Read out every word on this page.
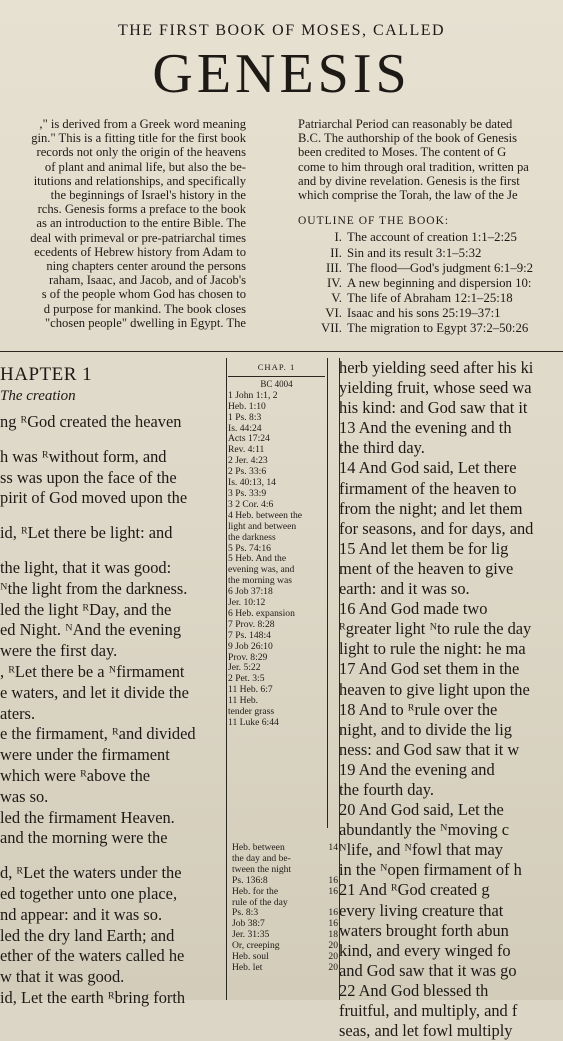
THE FIRST BOOK OF MOSES, CALLED
GENESIS
," is derived from a Greek word meaning
gin." This is a fitting title for the first book
records not only the origin of the heavens
of plant and animal life, but also the be-
itutions and relationships, and specifically
the beginnings of Israel's history in the
rchs. Genesis forms a preface to the book
as an introduction to the entire Bible. The
deal with primeval or pre-patriarchal times
ecedents of Hebrew history from Adam to
ning chapters center around the persons
raham, Isaac, and Jacob, and of Jacob's
s of the people whom God has chosen to
d purpose for mankind. The book closes
"chosen people" dwelling in Egypt. The
Patriarchal Period can reasonably be dated
B.C. The authorship of the book of Genesis
been credited to Moses. The content of G
come to him through oral tradition, written pa
and by divine revelation. Genesis is the first
which comprise the Torah, the law of the Je
OUTLINE OF THE BOOK:
I. The account of creation 1:1–2:25
II. Sin and its result 3:1–5:32
III. The flood—God's judgment 6:1–9:2
IV. A new beginning and dispersion 10:
V. The life of Abraham 12:1–25:18
VI. Isaac and his sons 25:19–37:1
VII. The migration to Egypt 37:2–50:26
HAPTER 1
The creation
ng ᴿGod created the heaven

h was ᴿwithout form, and
ss was upon the face of the
pirit of God moved upon the

id, ᴿLet there be light: and

the light, that it was good:
ᴺthe light from the darkness.
led the light ᴿDay, and the
ed Night. ᴺAnd the evening
were the first day.
, ᴿLet there be a ᴺfirmament
e waters, and let it divide the
aters.
e the firmament, ᴿand divided
were under the firmament
which were ᴿabove the
was so.
led the firmament Heaven.
and the morning were the

d, ᴿLet the waters under the
ed together unto one place,
nd appear: and it was so.
led the dry land Earth; and
ether of the waters called he
w that it was good.
id, Let the earth ᴿbring forth
CHAP. 1
BC 4004
1 John 1:1, 2
Heb. 1:10
1 Ps. 8:3
Is. 44:24
Acts 17:24
Rev. 4:11
2 Jer. 4:23
2 Ps. 33:6
Is. 40:13, 14
3 Ps. 33:9
3 2 Cor. 4:6
4 Heb. between the
light and between
the darkness
5 Ps. 74:16
5 Heb. And the
evening was, and
the morning was
6 Job 37:18
Jer. 10:12
6 Heb. expansion
7 Prov. 8:28
7 Ps. 148:4
9 Job 26:10
Prov. 8:29
Jer. 5:22
2 Pet. 3:5
11 Heb. 6:7
11 Heb.
tender grass
11 Luke 6:44
Heb. between	14
the day and be-
tween the night
Ps. 136:8	16
Heb. for the	16
rule of the day
Ps. 8:3	16
Job 38:7	16
Jer. 31:35	18
Or, creeping	20
Heb. soul	20
Heb. let	20
herb yielding seed after his ki
yielding fruit, whose seed wa
his kind: and God saw that it
13 And the evening and th
the third day.
14 And God said, Let there
firmament of the heaven to
from the night; and let them
for seasons, and for days, and
15 And let them be for lig
ment of the heaven to give
earth: and it was so.
16 And God made two
ᴿgreater light ᴺto rule the day
light to rule the night: he ma
17 And God set them in the
heaven to give light upon the
18 And to ᴿrule over the
night, and to divide the lig
ness: and God saw that it w
19 And the evening and
the fourth day.
20 And God said, Let the
abundantly the ᴺmoving c
ᴺlife, and ᴺfowl that may
in the ᴺopen firmament of h
21 And ᴿGod created g
every living creature that
waters brought forth abun
kind, and every winged fo
and God saw that it was go
22 And God blessed th
fruitful, and multiply, and f
seas, and let fowl multiply
